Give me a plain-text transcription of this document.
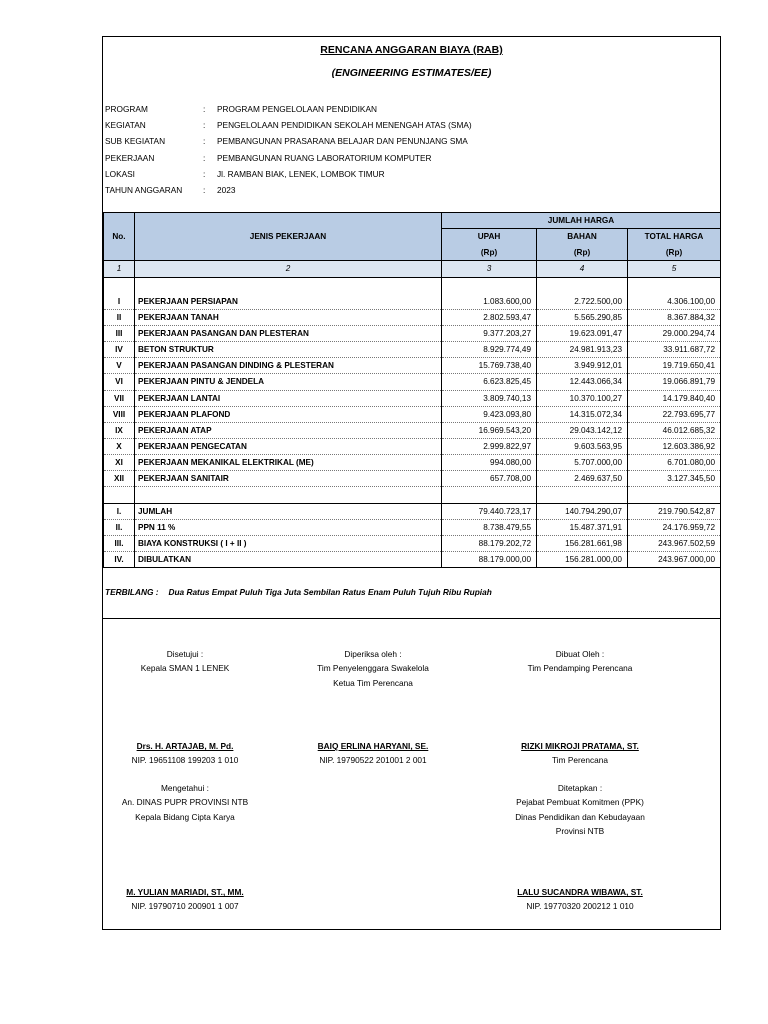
RENCANA ANGGARAN BIAYA (RAB)
(ENGINEERING ESTIMATES/EE)
PROGRAM	:	PROGRAM PENGELOLAAN PENDIDIKAN
KEGIATAN	:	PENGELOLAAN PENDIDIKAN SEKOLAH MENENGAH ATAS (SMA)
SUB KEGIATAN	:	PEMBANGUNAN PRASARANA BELAJAR DAN PENUNJANG SMA
PEKERJAAN	:	PEMBANGUNAN RUANG LABORATORIUM KOMPUTER
LOKASI	:	Jl. RAMBAN BIAK, LENEK, LOMBOK TIMUR
TAHUN ANGGARAN	:	2023
No.	JENIS PEKERJAAN	JUMLAH HARGA		
		UPAH	BAHAN	TOTAL HARGA
		(Rp)	(Rp)	(Rp)
1	2	3	4	5

I	PEKERJAAN PERSIAPAN	1.083.600,00	2.722.500,00	4.306.100,00
II	PEKERJAAN TANAH	2.802.593,47	5.565.290,85	8.367.884,32
III	PEKERJAAN PASANGAN DAN PLESTERAN	9.377.203,27	19.623.091,47	29.000.294,74
IV	BETON STRUKTUR	8.929.774,49	24.981.913,23	33.911.687,72
V	PEKERJAAN PASANGAN DINDING & PLESTERAN	15.769.738,40	3.949.912,01	19.719.650,41
VI	PEKERJAAN PINTU & JENDELA	6.623.825,45	12.443.066,34	19.066.891,79
VII	PEKERJAAN LANTAI	3.809.740,13	10.370.100,27	14.179.840,40
VIII	PEKERJAAN PLAFOND	9.423.093,80	14.315.072,34	22.793.695,77
IX	PEKERJAAN ATAP	16.969.543,20	29.043.142,12	46.012.685,32
X	PEKERJAAN PENGECATAN	2.999.822,97	9.603.563,95	12.603.386,92
XI	PEKERJAAN MEKANIKAL ELEKTRIKAL (ME)	994.080,00	5.707.000,00	6.701.080,00
XII	PEKERJAAN SANITAIR	657.708,00	2.469.637,50	3.127.345,50

I.	JUMLAH	79.440.723,17	140.794.290,07	219.790.542,87
II.	PPN 11 %	8.738.479,55	15.487.371,91	24.176.959,72
III.	BIAYA KONSTRUKSI ( I + II )	88.179.202,72	156.281.661,98	243.967.502,59
IV.	DIBULATKAN	88.179.000,00	156.281.000,00	243.967.000,00
TERBILANG : Dua Ratus Empat Puluh Tiga Juta Sembilan Ratus Enam Puluh Tujuh Ribu Rupiah
Disetujui :
Kepala SMAN 1 LENEK
Drs. H. ARTAJAB, M. Pd.
NIP. 19651108 199203 1 010
Diperiksa oleh :
Tim Penyelenggara Swakelola
Ketua Tim Perencana
BAIQ ERLINA HARYANI, SE.
NIP. 19790522 201001 2 001
Dibuat Oleh :
Tim Pendamping Perencana
RIZKI MIKROJI PRATAMA, ST.
Tim Perencana
Mengetahui :
An. DINAS PUPR PROVINSI NTB
Kepala Bidang Cipta Karya
M. YULIAN MARIADI, ST., MM.
NIP. 19790710 200901 1 007
Ditetapkan :
Pejabat Pembuat Komitmen (PPK)
Dinas Pendidikan dan Kebudayaan
Provinsi NTB
LALU SUCANDRA WIBAWA, ST.
NIP. 19770320 200212 1 010
